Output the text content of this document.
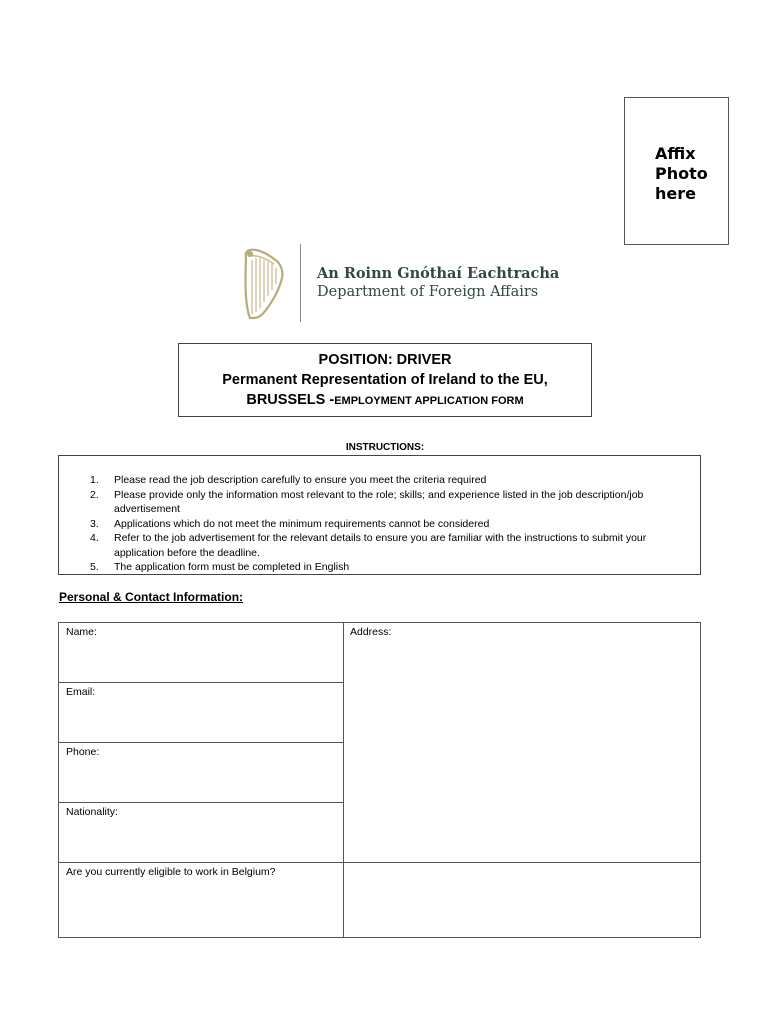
Affix
Photo
here
An Roinn Gnóthaí Eachtracha
Department of Foreign Affairs
POSITION: DRIVER
Permanent Representation of Ireland to the EU,
BRUSSELS -EMPLOYMENT APPLICATION FORM
INSTRUCTIONS:
1. Please read the job description carefully to ensure you meet the criteria required
2. Please provide only the information most relevant to the role; skills; and experience listed in the job description/job advertisement
3. Applications which do not meet the minimum requirements cannot be considered
4. Refer to the job advertisement for the relevant details to ensure you are familiar with the instructions to submit your application before the deadline.
5. The application form must be completed in English
Personal & Contact Information:
Name:	Address:
Email:
Phone:
Nationality:
Are you currently eligible to work in Belgium?
